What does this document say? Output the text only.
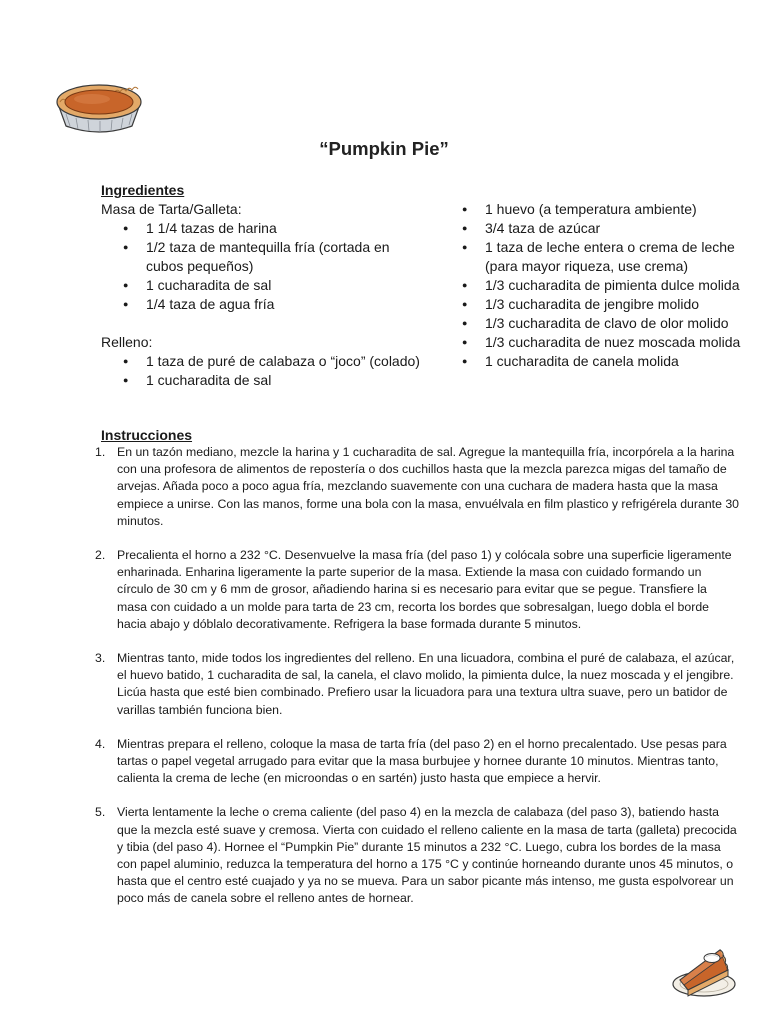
“Pumpkin Pie”

Ingredientes

Masa de Tarta/Galleta:

● 1 1/4 tazas de harina
● 1/2 taza de mantequilla fría (cortada en cubos pequeños)
● 1 cucharadita de sal
● 1/4 taza de agua fría

Relleno:

● 1 taza de puré de calabaza o “joco” (colado)
● 1 cucharadita de sal
● 1 huevo (a temperatura ambiente)
● 3/4 taza de azúcar
● 1 taza de leche entera o crema de leche (para mayor riqueza, use crema)
● 1/3 cucharadita de pimienta dulce molida
● 1/3 cucharadita de jengibre molido
● 1/3 cucharadita de clavo de olor molido
● 1/3 cucharadita de nuez moscada molida
● 1 cucharadita de canela molida
Instrucciones
1. En un tazón mediano, mezcle la harina y 1 cucharadita de sal. Agregue la mantequilla fría, incorpórela a la harina con una profesora de alimentos de repostería o dos cuchillos hasta que la mezcla parezca migas del tamaño de arvejas. Añada poco a poco agua fría, mezclando suavemente con una cuchara de madera hasta que la masa empiece a unirse. Con las manos, forme una bola con la masa, envuélvala en film plastico y refrigérela durante 30 minutos.
2. Precalienta el horno a 232 °C. Desenvuelve la masa fría (del paso 1) y colócala sobre una superficie ligeramente enharinada. Enharina ligeramente la parte superior de la masa. Extiende la masa con cuidado formando un círculo de 30 cm y 6 mm de grosor, añadiendo harina si es necesario para evitar que se pegue. Transfiere la masa con cuidado a un molde para tarta de 23 cm, recorta los bordes que sobresalgan, luego dobla el borde hacia abajo y dóblalo decorativamente. Refrigera la base formada durante 5 minutos.
3. Mientras tanto, mide todos los ingredientes del relleno. En una licuadora, combina el puré de calabaza, el azúcar, el huevo batido, 1 cucharadita de sal, la canela, el clavo molido, la pimienta dulce, la nuez moscada y el jengibre. Licúa hasta que esté bien combinado. Prefiero usar la licuadora para una textura ultra suave, pero un batidor de varillas también funciona bien.
4. Mientras prepara el relleno, coloque la masa de tarta fría (del paso 2) en el horno precalentado. Use pesas para tartas o papel vegetal arrugado para evitar que la masa burbujee y hornee durante 10 minutos. Mientras tanto, calienta la crema de leche (en microondas o en sartén) justo hasta que empiece a hervir.
5. Vierta lentamente la leche o crema caliente (del paso 4) en la mezcla de calabaza (del paso 3), batiendo hasta que la mezcla esté suave y cremosa. Vierta con cuidado el relleno caliente en la masa de tarta (galleta) precocida y tibia (del paso 4). Hornee el “Pumpkin Pie” durante 15 minutos a 232 °C. Luego, cubra los bordes de la masa con papel aluminio, reduzca la temperatura del horno a 175 °C y continúe horneando durante unos 45 minutos, o hasta que el centro esté cuajado y ya no se mueva. Para un sabor picante más intenso, me gusta espolvorear un poco más de canela sobre el relleno antes de hornear.
